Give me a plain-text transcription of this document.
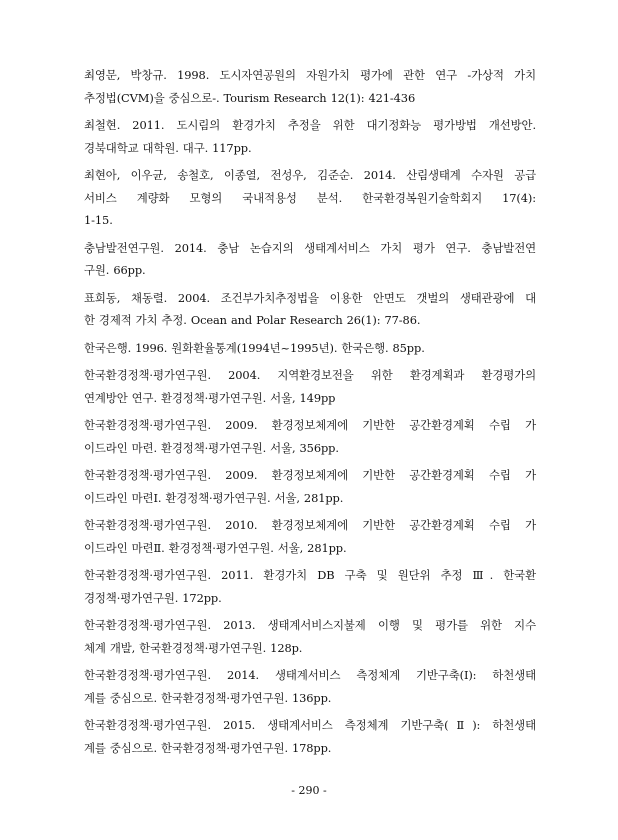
최영문, 박창규. 1998. 도시자연공원의 자원가치 평가에 관한 연구 -가상적 가치
추정법(CVM)을 중심으로-. Tourism Research 12(1): 421-436
최철현. 2011. 도시림의 환경가치 추정을 위한 대기정화능 평가방법 개선방안.
경북대학교 대학원. 대구. 117pp.
최현아, 이우균, 송철호, 이종열, 전성우, 김준순. 2014. 산림생태계 수자원 공급
서비스 계량화 모형의 국내적용성 분석. 한국환경복원기술학회지 17(4):
1-15.
충남발전연구원. 2014. 충남 논습지의 생태계서비스 가치 평가 연구. 충남발전연
구원. 66pp.
표희동, 채동렬. 2004. 조건부가치추정법을 이용한 안면도 갯벌의 생태관광에 대
한 경제적 가치 추정. Ocean and Polar Research 26(1): 77-86.
한국은행. 1996. 원화환율통계(1994년~1995년). 한국은행. 85pp.
한국환경정책·평가연구원. 2004. 지역환경보전을 위한 환경계획과 환경평가의
연계방안 연구. 환경정책·평가연구원. 서울, 149pp
한국환경정책·평가연구원. 2009. 환경정보체계에 기반한 공간환경계획 수립 가
이드라인 마련. 환경정책·평가연구원. 서울, 356pp.
한국환경정책·평가연구원. 2009. 환경정보체계에 기반한 공간환경계획 수립 가
이드라인 마련Ⅰ. 환경정책·평가연구원. 서울, 281pp.
한국환경정책·평가연구원. 2010. 환경정보체계에 기반한 공간환경계획 수립 가
이드라인 마련Ⅱ. 환경정책·평가연구원. 서울, 281pp.
한국환경정책·평가연구원. 2011. 환경가치 DB 구축 및 원단위 추정 Ⅲ. 한국환
경정책·평가연구원. 172pp.
한국환경정책·평가연구원. 2013. 생태계서비스지불제 이행 및 평가를 위한 지수
체계 개발, 한국환경정책·평가연구원. 128p.
한국환경정책·평가연구원. 2014. 생태계서비스 측정체계 기반구축(I): 하천생태
계를 중심으로. 한국환경정책·평가연구원. 136pp.
한국환경정책·평가연구원. 2015. 생태계서비스 측정체계 기반구축(Ⅱ): 하천생태
계를 중심으로. 한국환경정책·평가연구원. 178pp.
- 290 -
